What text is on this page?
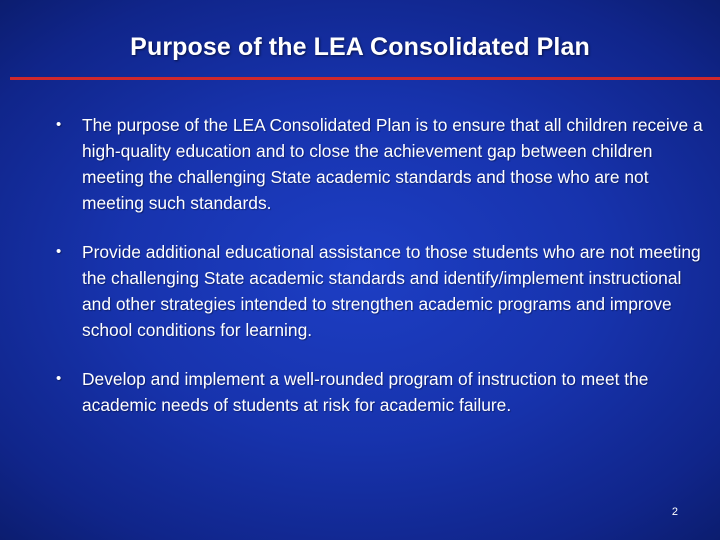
Purpose of the LEA Consolidated Plan
• The purpose of the LEA Consolidated Plan is to ensure that all children receive a high-quality education and to close the achievement gap between children meeting the challenging State academic standards and those who are not meeting such standards.
• Provide additional educational assistance to those students who are not meeting the challenging State academic standards and identify/implement instructional and other strategies intended to strengthen academic programs and improve school conditions for learning.
• Develop and implement a well-rounded program of instruction to meet the academic needs of students at risk for academic failure.
2
